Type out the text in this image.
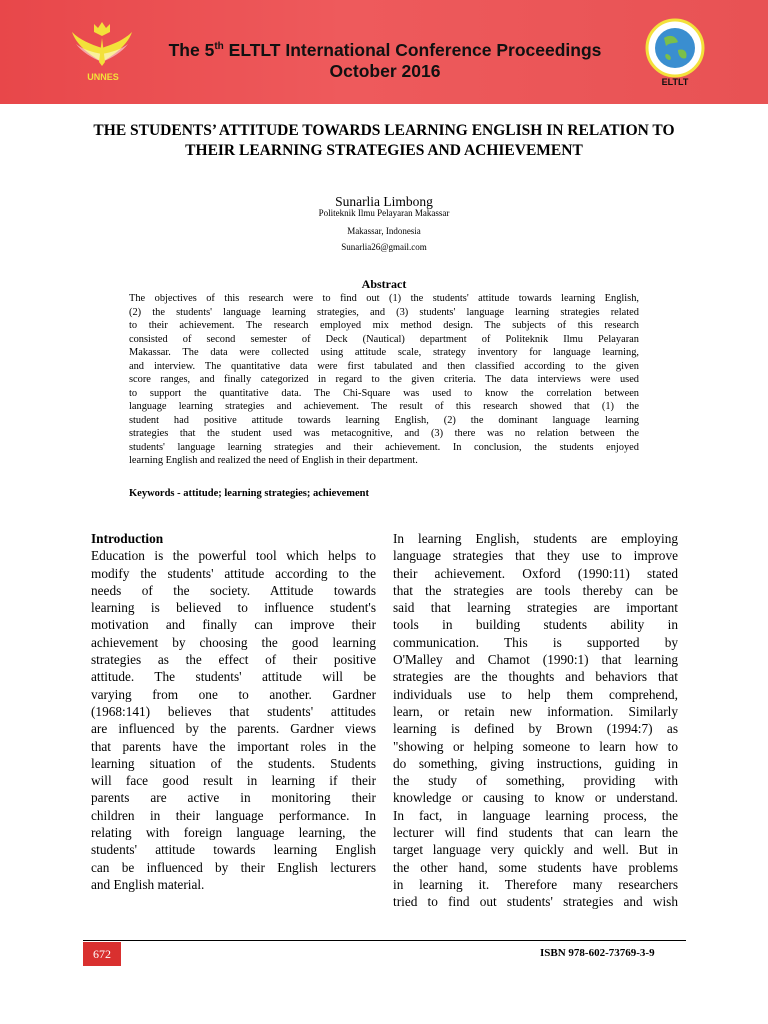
UNNES
The 5th ELTLT International Conference Proceedings
October 2016
ELTLT
THE STUDENTS’ ATTITUDE TOWARDS LEARNING ENGLISH IN RELATION TO THEIR LEARNING STRATEGIES AND ACHIEVEMENT
Sunarlia Limbong
Politeknik Ilmu Pelayaran Makassar
Makassar, Indonesia
Sunarlia26@gmail.com
Abstract
The objectives of this research were to find out (1) the students' attitude towards learning English,
(2) the students' language learning strategies, and (3) students' language learning strategies related
to their achievement. The research employed mix method design. The subjects of this research
consisted of second semester of Deck (Nautical) department of Politeknik Ilmu Pelayaran
Makassar. The data were collected using attitude scale, strategy inventory for language learning,
and interview. The quantitative data were first tabulated and then classified according to the given
score ranges, and finally categorized in regard to the given criteria. The data interviews were used
to support the quantitative data. The Chi-Square was used to know the correlation between
language learning strategies and achievement. The result of this research showed that (1) the
student had positive attitude towards learning English, (2) the dominant language learning
strategies that the student used was metacognitive, and (3) there was no relation between the
students' language learning strategies and their achievement. In conclusion, the students enjoyed
learning English and realized the need of English in their department.
Keywords - attitude; learning strategies; achievement
Introduction
Education is the powerful tool which helps to
modify the students' attitude according to the
needs of the society. Attitude towards
learning is believed to influence student's
motivation and finally can improve their
achievement by choosing the good learning
strategies as the effect of their positive
attitude. The students' attitude will be
varying from one to another. Gardner
(1968:141) believes that students' attitudes
are influenced by the parents. Gardner views
that parents have the important roles in the
learning situation of the students. Students
will face good result in learning if their
parents are active in monitoring their
children in their language performance. In
relating with foreign language learning, the
students' attitude towards learning English
can be influenced by their English lecturers
and English material.
In learning English, students are employing
language strategies that they use to improve
their achievement. Oxford (1990:11) stated
that the strategies are tools thereby can be
said that learning strategies are important
tools in building students ability in
communication. This is supported by
O'Malley and Chamot (1990:1) that learning
strategies are the thoughts and behaviors that
individuals use to help them comprehend,
learn, or retain new information. Similarly
learning is defined by Brown (1994:7) as
"showing or helping someone to learn how to
do something, giving instructions, guiding in
the study of something, providing with
knowledge or causing to know or understand.
In fact, in language learning process, the
lecturer will find students that can learn the
target language very quickly and well. But in
the other hand, some students have problems
in learning it. Therefore many researchers
tried to find out students' strategies and wish
672	ISBN 978-602-73769-3-9
